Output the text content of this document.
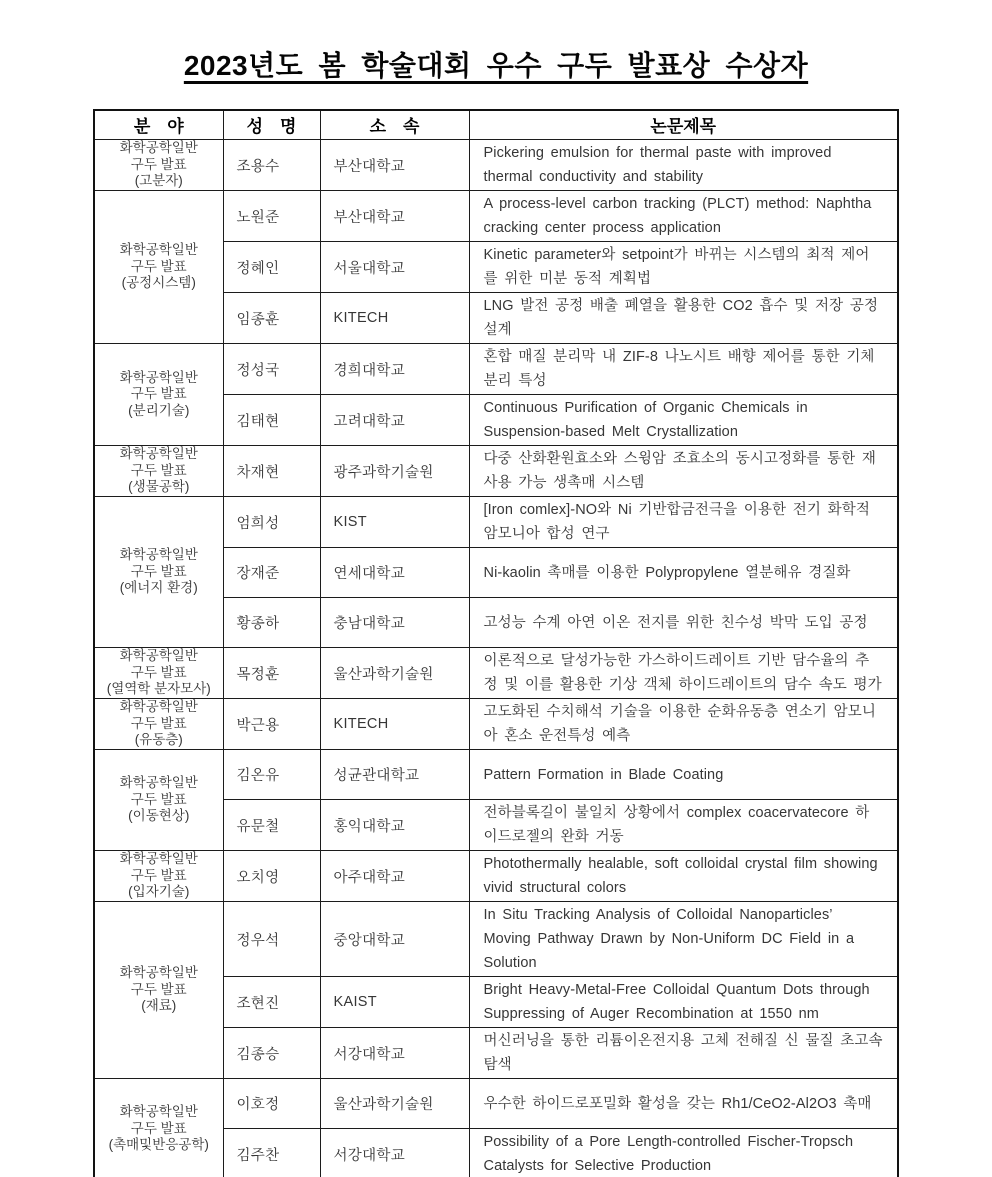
2023년도 봄 학술대회 우수 구두 발표상 수상자
분　야	성　명	소　속	논문제목
화학공학일반
구두 발표
(고분자)	조용수	부산대학교	Pickering emulsion for thermal paste with improved thermal conductivity and stability
화학공학일반
구두 발표
(공정시스템)	노원준	부산대학교	A process-level carbon tracking (PLCT) method: Naphtha cracking center process application
	정혜인	서울대학교	Kinetic parameter와 setpoint가 바뀌는 시스템의 최적 제어를 위한 미분 동적 계획법
	임종훈	KITECH	LNG 발전 공정 배출 폐열을 활용한 CO2 흡수 및 저장 공정 설계
화학공학일반
구두 발표
(분리기술)	정성국	경희대학교	혼합 매질 분리막 내 ZIF-8 나노시트 배향 제어를 통한 기체 분리 특성
	김태현	고려대학교	Continuous Purification of Organic Chemicals in Suspension-based Melt Crystallization
화학공학일반
구두 발표
(생물공학)	차재현	광주과학기술원	다중 산화환원효소와 스윙암 조효소의 동시고정화를 통한 재사용 가능 생촉매 시스템
화학공학일반
구두 발표
(에너지 환경)	엄희성	KIST	[Iron comlex]-NO와 Ni 기반합금전극을 이용한 전기 화학적 암모니아 합성 연구
	장재준	연세대학교	Ni-kaolin 촉매를 이용한 Polypropylene 열분해유 경질화
	황종하	충남대학교	고성능 수계 아연 이온 전지를 위한 친수성 박막 도입 공정
화학공학일반
구두 발표
(열역학 분자모사)	목정훈	울산과학기술원	이론적으로 달성가능한 가스하이드레이트 기반 담수율의 추정 및 이를 활용한 기상 객체 하이드레이트의 담수 속도 평가
화학공학일반
구두 발표
(유동층)	박근용	KITECH	고도화된 수치해석 기술을 이용한 순화유동층 연소기 암모니아 혼소 운전특성 예측
화학공학일반
구두 발표
(이동현상)	김온유	성균관대학교	Pattern Formation in Blade Coating
	유문철	홍익대학교	전하블록길이 불일치 상황에서 complex coacervatecore 하이드로젤의 완화 거동
화학공학일반
구두 발표
(입자기술)	오치영	아주대학교	Photothermally healable, soft colloidal crystal film showing vivid structural colors
화학공학일반
구두 발표
(재료)	정우석	중앙대학교	In Situ Tracking Analysis of Colloidal Nanoparticles’ Moving Pathway Drawn by Non-Uniform DC Field in a Solution
	조현진	KAIST	Bright Heavy-Metal-Free Colloidal Quantum Dots through Suppressing of Auger Recombination at 1550 nm
	김종승	서강대학교	머신러닝을 통한 리튬이온전지용 고체 전해질 신 물질 초고속 탐색
화학공학일반
구두 발표
(촉매및반응공학)	이호정	울산과학기술원	우수한 하이드로포밀화 활성을 갖는 Rh1/CeO2-Al2O3 촉매
	김주찬	서강대학교	Possibility of a Pore Length-controlled Fischer-Tropsch Catalysts for Selective Production
